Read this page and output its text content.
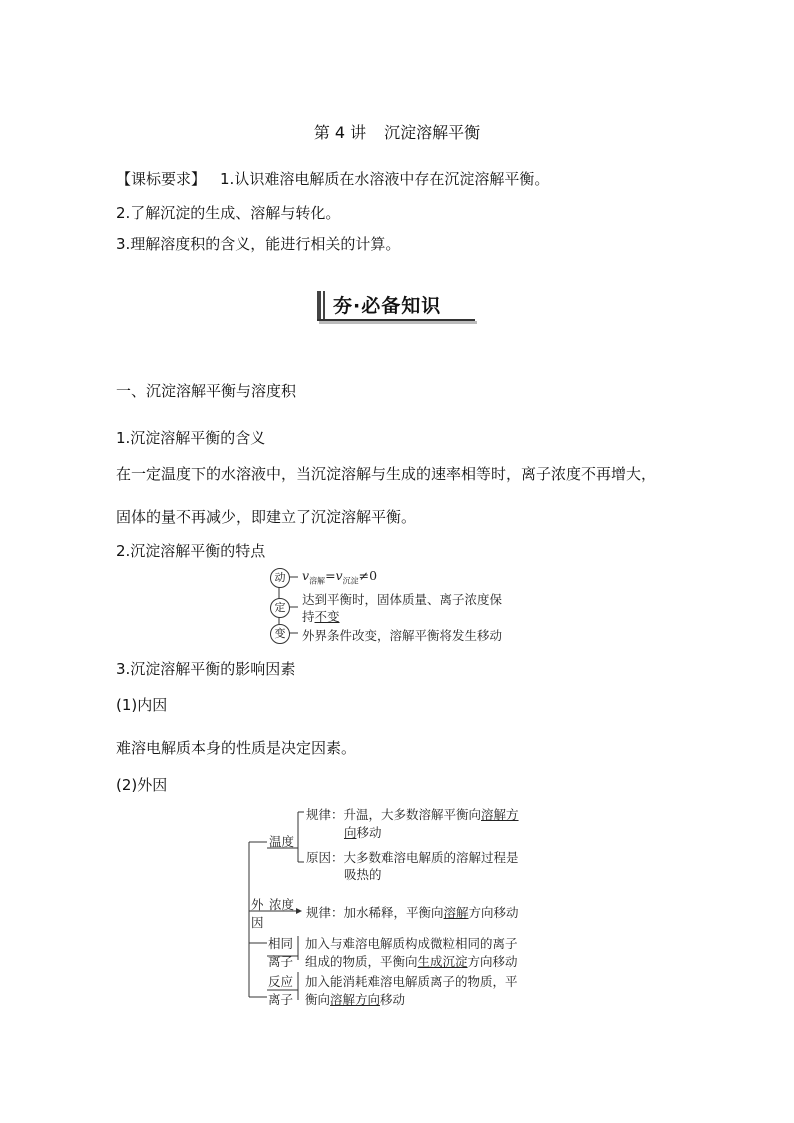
第 4 讲 沉淀溶解平衡
【课标要求】 1.认识难溶电解质在水溶液中存在沉淀溶解平衡。
2.了解沉淀的生成、溶解与转化。
3.理解溶度积的含义，能进行相关的计算。
夯·必备知识
一、沉淀溶解平衡与溶度积
1.沉淀溶解平衡的含义
在一定温度下的水溶液中，当沉淀溶解与生成的速率相等时，离子浓度不再增大，
固体的量不再减少，即建立了沉淀溶解平衡。
2.沉淀溶解平衡的特点
动
定
变
$v_{溶解}=v_{沉淀}\ne 0$
达到平衡时，固体质量、离子浓度保
持不变
外界条件改变，溶解平衡将发生移动
3.沉淀溶解平衡的影响因素
(1)内因
难溶电解质本身的性质是决定因素。
(2)外因
外
因
温度
规律：升温，大多数溶解平衡向溶解方
向移动
原因：大多数难溶电解质的溶解过程是
吸热的
浓度
规律：加水稀释，平衡向溶解方向移动
相同
离子
加入与难溶电解质构成微粒相同的离子
组成的物质，平衡向生成沉淀方向移动
反应
离子
加入能消耗难溶电解质离子的物质，平
衡向溶解方向移动
